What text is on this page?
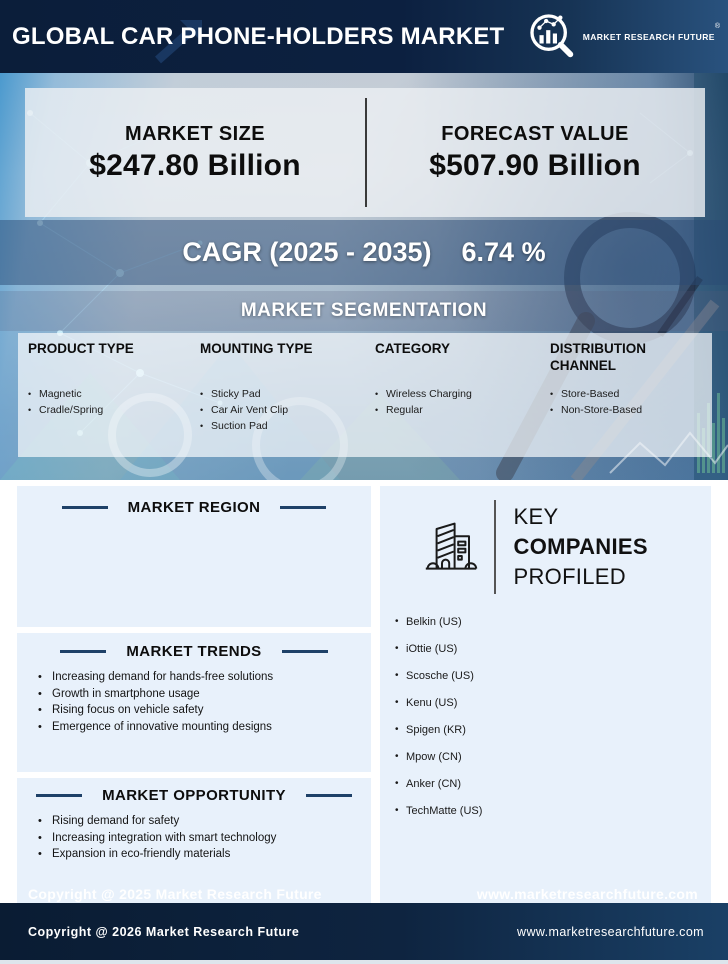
GLOBAL CAR PHONE-HOLDERS MARKET	MARKET RESEARCH FUTURE®
MARKET SIZE
$247.80 Billion
FORECAST VALUE
$507.90 Billion
CAGR (2025 - 2035) 6.74 %
MARKET SEGMENTATION
PRODUCT TYPE
• Magnetic
• Cradle/Spring
MOUNTING TYPE
• Sticky Pad
• Car Air Vent Clip
• Suction Pad
CATEGORY
• Wireless Charging
• Regular
DISTRIBUTION CHANNEL
• Store-Based
• Non-Store-Based
MARKET REGION
MARKET TRENDS
• Increasing demand for hands-free solutions
• Growth in smartphone usage
• Rising focus on vehicle safety
• Emergence of innovative mounting designs
MARKET OPPORTUNITY
• Rising demand for safety
• Increasing integration with smart technology
• Expansion in eco-friendly materials
KEY
COMPANIES
PROFILED
• Belkin (US)
• iOttie (US)
• Scosche (US)
• Kenu (US)
• Spigen (KR)
• Mpow (CN)
• Anker (CN)
• TechMatte (US)
Copyright @ 2025 Market Research Future	www.marketresearchfuture.com
Copyright @ 2026 Market Research Future	www.marketresearchfuture.com
